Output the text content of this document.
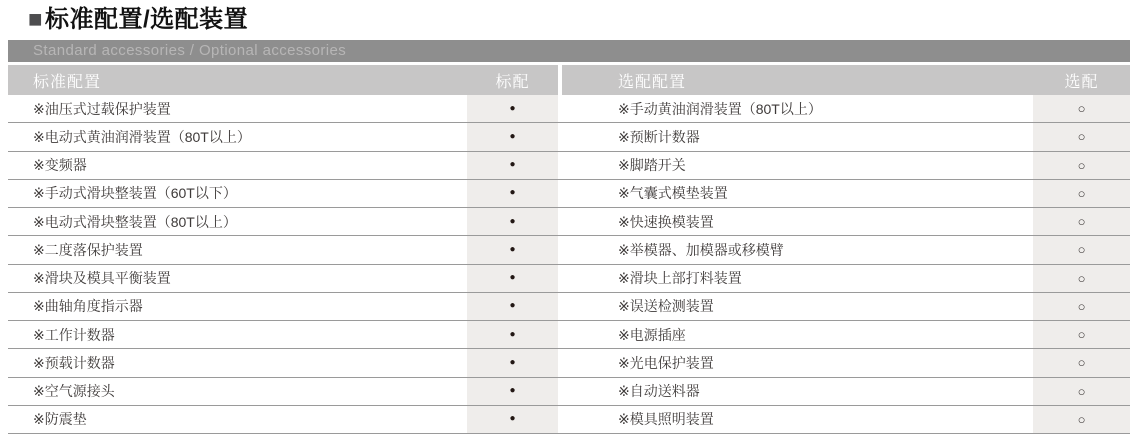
■标准配置/选配装置
Standard accessories / Optional accessories
标准配置	标配	选配配置	选配
※油压式过载保护装置	●	※手动黄油润滑装置（80T以上）	○
※电动式黄油润滑装置（80T以上）	●	※预断计数器	○
※变频器	●	※脚踏开关	○
※手动式滑块整装置（60T以下）	●	※气囊式模垫装置	○
※电动式滑块整装置（80T以上）	●	※快速换模装置	○
※二度落保护装置	●	※举模器、加模器或移模臂	○
※滑块及模具平衡装置	●	※滑块上部打料装置	○
※曲轴角度指示器	●	※误送检测装置	○
※工作计数器	●	※电源插座	○
※预载计数器	●	※光电保护装置	○
※空气源接头	●	※自动送料器	○
※防震垫	●	※模具照明装置	○
